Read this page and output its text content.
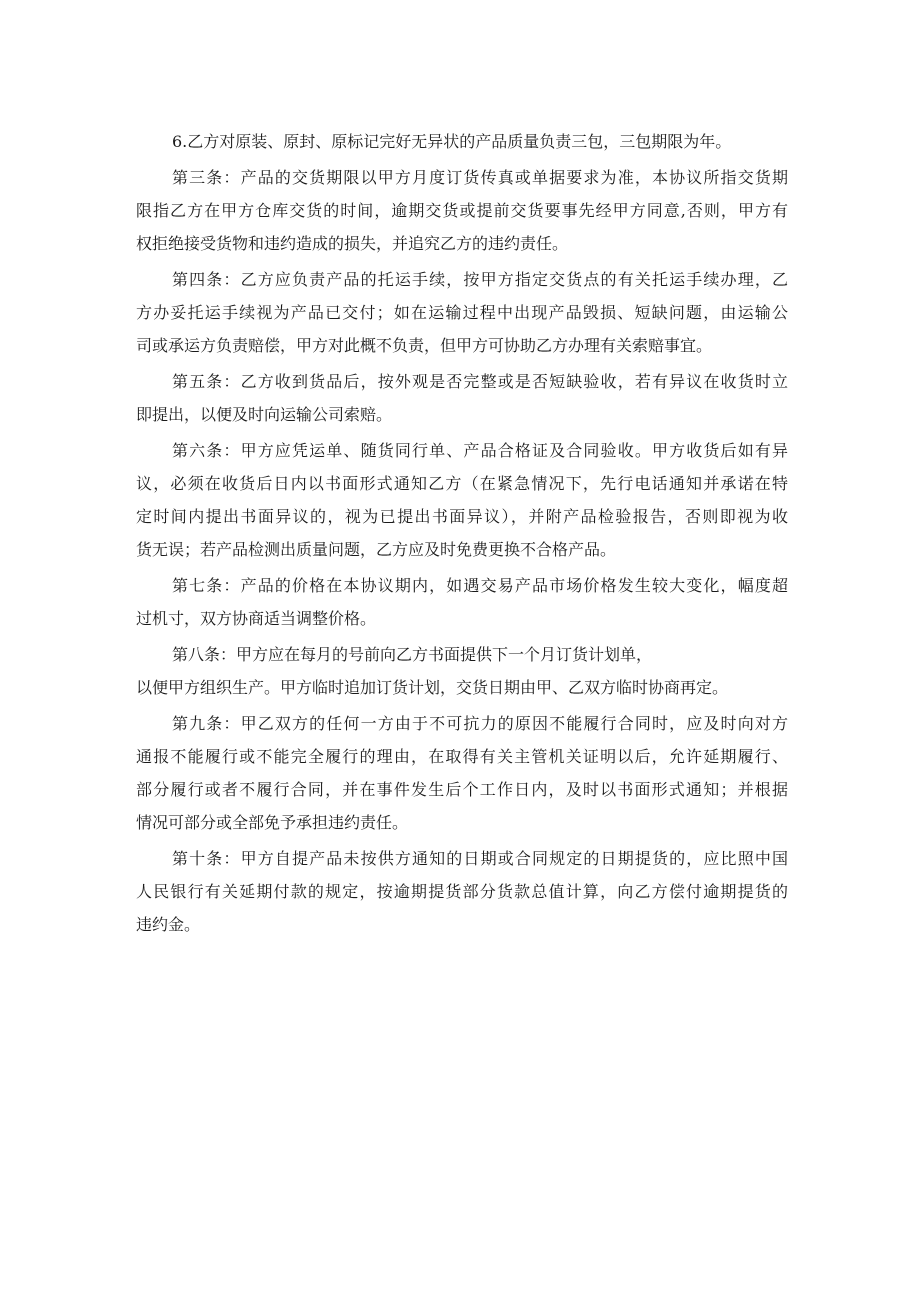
6.乙方对原装、原封、原标记完好无异状的产品质量负责三包，三包期限为年。

第三条：产品的交货期限以甲方月度订货传真或单据要求为准，本协议所指交货期
限指乙方在甲方仓库交货的时间，逾期交货或提前交货要事先经甲方同意,否则，甲方有
权拒绝接受货物和违约造成的损失，并追究乙方的违约责任。

第四条：乙方应负责产品的托运手续，按甲方指定交货点的有关托运手续办理，乙
方办妥托运手续视为产品已交付；如在运输过程中出现产品毁损、短缺问题，由运输公
司或承运方负责赔偿，甲方对此概不负责，但甲方可协助乙方办理有关索赔事宜。

第五条：乙方收到货品后，按外观是否完整或是否短缺验收，若有异议在收货时立
即提出，以便及时向运输公司索赔。

第六条：甲方应凭运单、随货同行单、产品合格证及合同验收。甲方收货后如有异
议，必须在收货后日内以书面形式通知乙方（在紧急情况下，先行电话通知并承诺在特
定时间内提出书面异议的，视为已提出书面异议），并附产品检验报告，否则即视为收
货无误；若产品检测出质量问题，乙方应及时免费更换不合格产品。

第七条：产品的价格在本协议期内，如遇交易产品市场价格发生较大变化，幅度超
过机寸，双方协商适当调整价格。

第八条：甲方应在每月的号前向乙方书面提供下一个月订货计划单，
以便甲方组织生产。甲方临时追加订货计划，交货日期由甲、乙双方临时协商再定。

第九条：甲乙双方的任何一方由于不可抗力的原因不能履行合同时，应及时向对方
通报不能履行或不能完全履行的理由，在取得有关主管机关证明以后，允许延期履行、
部分履行或者不履行合同，并在事件发生后个工作日内，及时以书面形式通知；并根据
情况可部分或全部免予承担违约责任。

第十条：甲方自提产品未按供方通知的日期或合同规定的日期提货的，应比照中国
人民银行有关延期付款的规定，按逾期提货部分货款总值计算，向乙方偿付逾期提货的
违约金。
